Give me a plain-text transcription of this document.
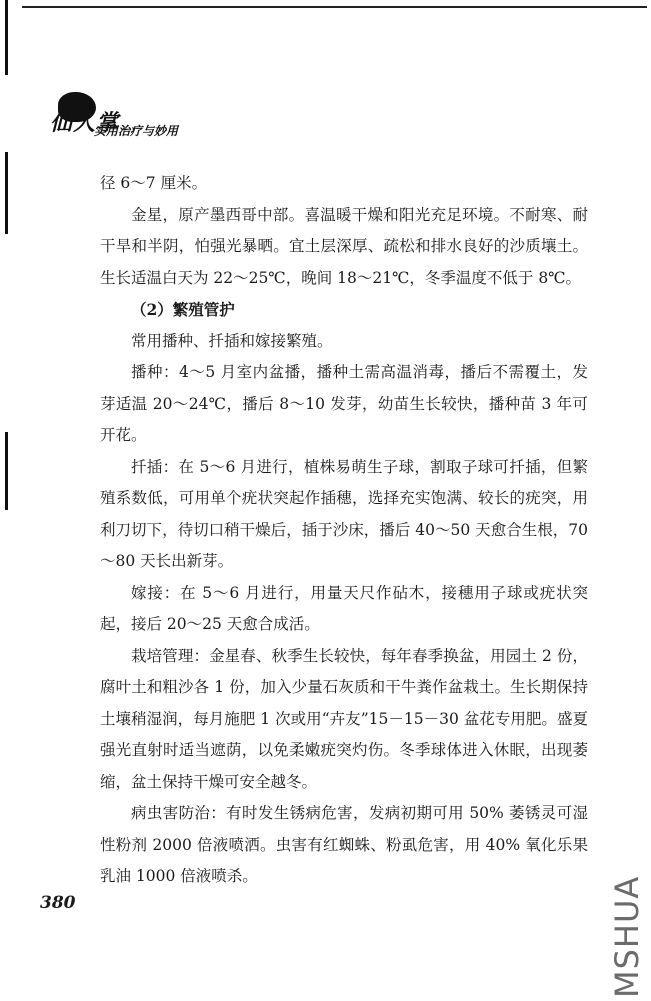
仙人掌
实用治疗与妙用

径 6～7 厘米。

金星，原产墨西哥中部。喜温暖干燥和阳光充足环境。不耐寒、耐干旱和半阴，怕强光暴晒。宜土层深厚、疏松和排水良好的沙质壤土。生长适温白天为 22～25℃，晚间 18～21℃，冬季温度不低于 8℃。

（2）繁殖管护

常用播种、扦插和嫁接繁殖。

播种：4～5 月室内盆播，播种土需高温消毒，播后不需覆土，发芽适温 20～24℃，播后 8～10 发芽，幼苗生长较快，播种苗 3 年可开花。

扦插：在 5～6 月进行，植株易萌生子球，割取子球可扦插，但繁殖系数低，可用单个疣状突起作插穗，选择充实饱满、较长的疣突，用利刀切下，待切口稍干燥后，插于沙床，播后 40～50 天愈合生根，70～80 天长出新芽。

嫁接：在 5～6 月进行，用量天尺作砧木，接穗用子球或疣状突起，接后 20～25 天愈合成活。

栽培管理：金星春、秋季生长较快，每年春季换盆，用园土 2 份，腐叶土和粗沙各 1 份，加入少量石灰质和干牛粪作盆栽土。生长期保持土壤稍湿润，每月施肥 1 次或用“卉友”15－15－30 盆花专用肥。盛夏强光直射时适当遮荫，以免柔嫩疣突灼伤。冬季球体进入休眠，出现萎缩，盆土保持干燥可安全越冬。

病虫害防治：有时发生锈病危害，发病初期可用 50% 萎锈灵可湿性粉剂 2000 倍液喷洒。虫害有红蜘蛛、粉虱危害，用 40% 氧化乐果乳油 1000 倍液喷杀。

380	MSHUA
